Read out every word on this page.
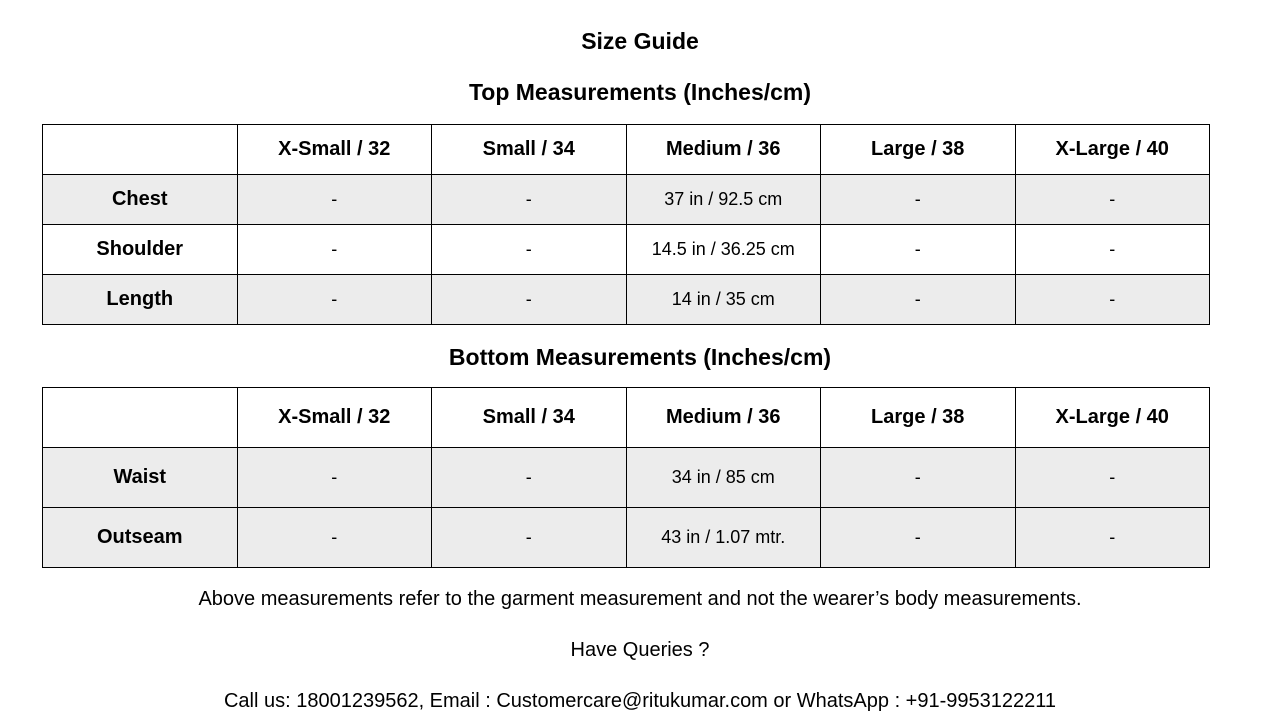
Size Guide
Top Measurements (Inches/cm)
	X-Small / 32	Small / 34	Medium / 36	Large / 38	X-Large / 40
Chest	-	-	37 in / 92.5 cm	-	-
Shoulder	-	-	14.5 in / 36.25 cm	-	-
Length	-	-	14 in / 35 cm	-	-
Bottom Measurements (Inches/cm)
	X-Small / 32	Small / 34	Medium / 36	Large / 38	X-Large / 40
Waist	-	-	34 in / 85 cm	-	-
Outseam	-	-	43 in / 1.07 mtr.	-	-
Above measurements refer to the garment measurement and not the wearer’s body measurements.
Have Queries ?
Call us: 18001239562, Email : Customercare@ritukumar.com or WhatsApp : +91-9953122211
